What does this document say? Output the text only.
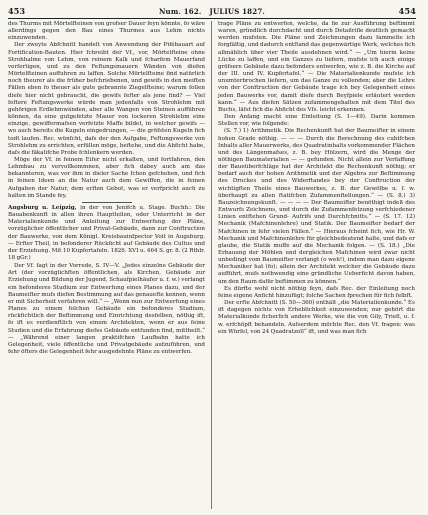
453	Num. 162. JULIUS 1827.	454

des Thurms mit Mörtelfteinen von grofser Dauer feyn könnte, fo wäre allerdings gegen den Bau eines Thurmes aus Lehm nichts einzuwenden.

Der zweyte Abfchnitt handelt von Anwendung der Pifébauart auf Fortification-Bauten. Hier fchreibt der Vf., vor, Mörtelfteine ohne Strohhalme von Lehm, von reinem Kalk und fcharfem Mauerfand verfertigen, und zu den Feftungsmauern Wänden von diefen Mörtelfteinen auffuhren zu laffen. Solche Mörtelfteine find natürlich noch theurer als die früher befchriebenen, und gewifs in den meiften Fällen eben fo theuer als gute gebrannte Ziegelfteine; warum follen diefe hier nicht gebraucht, die gewifs fefter als jene find? — Viel feftere Feftungswerke würde man jedenfalls von Strohlehm mit gehörigen Erdlehmwänden, aber alle Wangen von Steinen aufführen können, da eine gutgefetzte Mauer von lockeren Strohlehm eine einzige, gewiffermafsen verfetzte Maffe bildet, in welcher gewifs — wo auch bereits die Kugeln eingedrungen, — die gröfsten Kugeln fich todt laufen. Rec. wünfcht, dafs der den Aufgabe, Feftungswerke von Strohlehm zu errichten, erfüllen möge, beftehe, und die Abficht habe, dafs die fäkalifche Probe fchlenkern werden.

Möge der Vf. in feinem Eifer nicht erkalten, und fortfahren, den Lehmbau zu vervollkommnen, aber fich dabey auch am das bekannteren, was vor ihm in dieler Sache fchon gefchehen, und fich in feinen Ideen an die Natur auch dem Gewiffen, die in feinen Aufgaben der Natur, dem erften Gebot, was er verfpricht auch zu halten im Stande fey.

Augsburg u. Leipzig, in der von Jenifch u. Stage. Buchh.: Die Bauabenkunft in allen ihren Hauptteilen, oder Unterricht in der Materialienkunde und Anleitung zur Entwerfung der Pläne, vorzüglicher öffentlicher und Privat-Gebäude, dann zur Conftruction der Bauwerke, von dem Königl. Kreisbauinfpector Voit in Augsburg. — Erfter Theil, in befonderer Rückficht auf Gebäude des Cultus und der Erziehung. Mit 10 Kupfertafeln. 1826. XVI u. 464 S. gr. 8. (2 Rthlr. 18 gGr.)

Der Vf. fagt in der Vorrede, S. IV—V. „Jedes einzelne Gebäude der Art (der vorzüglichften öffentlichen, als Kirchen, Gebäude zur Erziehung und Bildung der Jugend, Schaufpielhäufer u. f. w.) verlangt ein befonderes Studium zur Entwerfung eines Planes dazu, und der Baumeifter mufs diefen Bestimmung auf das genauefte kennen, wenn er mit Sicherheit verfahren will.“ — „Wenn nun zur Entwerfung eines Planes zu einem folchen Gebäude ein befonderes Studium, rückfichtlich der Beftimmung und Einrichtung desfelben, nöthig ift, fo ift es verdienftlich von einem Architekten, wenn er aus feine Studien und die Erfahrung diefes Gebäude entfunden find, mittheilt.“ — „Während einer langen praktifchen Laufbahn hatte ich Gelegenheit, viele öffentliche und Privatgebäude aufzuführen, und fehr öfters die Gelegenheit fehr ausgedehnte Pläne zu entwerfen.

trage Pläne zu entwerfen, welche, da fie zur Ausführung beftimmt waren, gründlich durchdacht und durch Detailrifle deutlich gemacht werden mufsten. Die Pläne und Zeichnungen dazu fammelte ich forgfältig, und dadurch entftand das gegenwärtige Werk, welches fich allmählich über vier Theile ausdehnen wird.“ — „Um hierin keine Lücke zu laffen, und ein Ganzes zu liefern, mufste ich auch einige gröfsere Gebäude dazu befonders entwerfen, wie z. B. die Kirche auf der III. und IV. Kupfertafel.“ — Die Materialienkunde mufste ich unumterbrochen liefern, um das Ganze zu vollenden; aber die Lehre von der Conftruction der Gebäude trage ich bey Gelegenheit eines jeden Bauwerks vor, damit diefe durch Beyfpiele erläutert werden kann.“ — Aus diefen Sätzen zufammengehalten mit dem Titel des Buchs, läfst fich die Abficht des Vfs. leicht erkennen.

Den Anfang macht eine Einleitung (S. 1—49). Darin kommen Stellen vor, wie folgende:

(S. 7.) 1) Arithmetik. Die Rechenkunft hat der Baumeifter in einem hohen Grade nöthig. — — — Durch die Berechnung des cubifchen Inhalts aller Mauerwerks, des Quadratinhalts vorkommender Flächen und des Längenmafses, z. B. bey Hölzern, wird die Menge der nöthigen Baumaterialien — — gefunden. Nicht allein zur Verfaffung der Baueüberfchläge hat der Architekt die Rechenkunft nöthig; er bedarf auch der hohen Arithmetik und der Algebra zur Beftimmung des Druckes und des Widerftandes bey der Conftruction der wichtigften Theile eines Bauwerkes, z. B. der Gewölbe u. f. w. überhaupt zu allen ftatifchen Zufammenftellungen.“ — (S. 8.) 3) Bauzeichnungskunft. — — — — Der Baumeifter benöthigt indeß des Entwurfs Zeichnens, und durch die Zufammenfetzung verfchiedener Linien entftehen Grund- Aufrifs und Durchfchnitts.“ — (S. 17. 12) Mechanik (Mafchinenlehre) und Statik. Der Baumeifter bedarf der Mafchinen in fehr vielen Fällen.“ — Hieraus fcheint fich, wie Hr. W. Mechanik und Mafchinenlehre für gleichbedeutend halte, und dafs er glaube, die Statik muffe auf die Mechanik folgen. — (S. 18.) „Die Erbauung der Möhlen und dergleichen Mafchinen wird zwar nicht unbedingt vom Baumeifter verlangt (o weh!), indem man dazu eigene Mechaniker hat (fo); allein der Architekt welcher die Gebäude dazu aufführt, mufs nothwendig eine gründliche Ueberficht davon haben, um den Raum dafür beftimmen zu können.“

Es dürfte wohl nicht nöthig feyn, dafs Rec. der Einleitung noch feine eigene Anficht hinzufügt; folche Sachen fprechen für fich felbft.

Der erfte Abfchnitt (S. 50—360) enthält „die Materialienkunde.“ Es ift dagegen nichts von Erheblichkeit einzuwenden; nur gehört die Materialkunde ficherlich andere Werke, wie die von Gily, Triefl, u. f. w. erfchöpft behandeln. Aufserdem möchte Rec. den Vf. fragen: was ein Würfel, von 24 Quadratzoll“ ift, und was man fich
